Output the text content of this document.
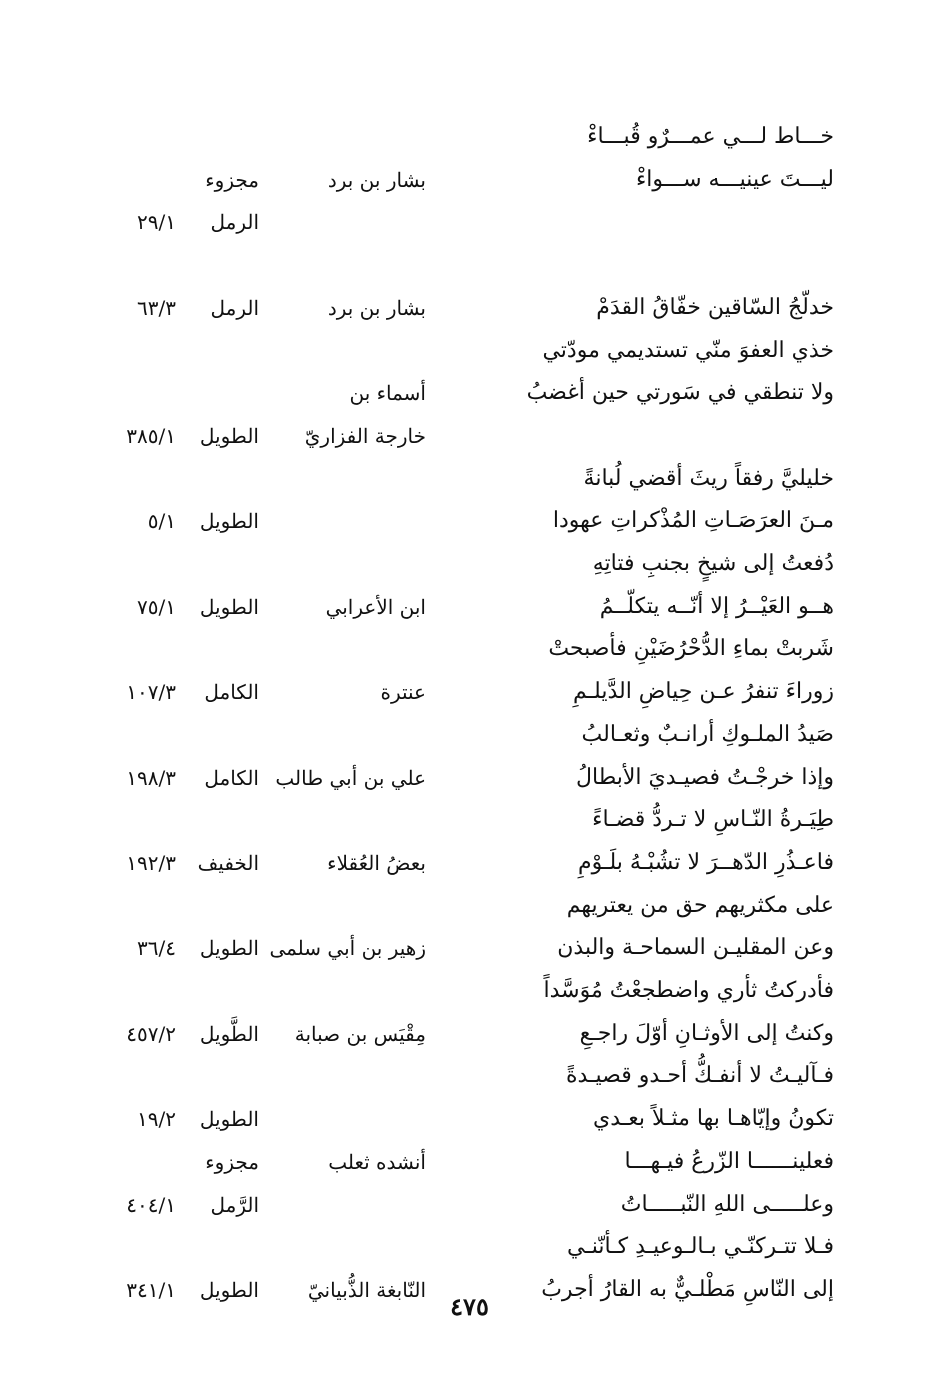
خـــاط لـــي عمـــرٌو قُبـــاءْ
ليـــتَ عينيـــه ســـواءْ
بشار بن برد
مجزوء
الرمل
٢٩/١
خدلّجُ السّاقين خفّاقُ القدَمْ
بشار بن برد
الرمل
٦٣/٣
خذي العفوَ منّي تستديمي مودّتي
ولا تنطقي في سَورتي حين أغضبُ
أسماء بن
خارجة الفزاريّ
الطويل
٣٨٥/١
خليليَّ رفقاً ريثَ أقضي لُبانةً
مـنَ العرَصَـاتِ المُذْكراتِ عهودا
الطويل
٥/١
دُفعتُ إلى شيخٍ بجنبِ فتاتِهِ
هــو العَيْــرُ إلا أنّــه يتكلّــمُ
ابن الأعرابي
الطويل
٧٥/١
شَربتْ بماءِ الدُّحْرُضَيْنِ فأصبحتْ
زوراءَ تنفرُ عـن حِياضِ الدَّيلـمِ
عنترة
الكامل
١٠٧/٣
صَيدُ الملـوكِ أرانـبٌ وثعـالبُ
وإذا خرجْـتُ فصيـديَ الأبطالُ
علي بن أبي طالب
الكامل
١٩٨/٣
طِيَـرةُ النّـاسِ لا تـردُّ قضـاءً
فاعـذُرِ الدّهــرَ لا تشُبْـهُ بلَـوْمِ
بعضُ العُقلاء
الخفيف
١٩٢/٣
على مكثريهم حق من يعتريهم
وعن المقليـن السماحـة والبذن
زهير بن أبي سلمى
الطويل
٣٦/٤
فأدركتُ ثأري واضطجعْتُ مُوَسَّداً
وكنتُ إلى الأوثـانِ أوّلَ راجـعِ
مِقْيَس بن صبابة
الطَّويل
٤٥٧/٢
فـآليـتُ لا أنفـكُّ أحـدو قصيـدةً
تكونُ وإيّاهـا بها مثـلاً بعـدي
الطويل
١٩/٢
فعلينــــــا الزّرعُ فيـهـــا
أنشده ثعلب
مجزوء
وعلـــــى اللهِ النّبـــــاتُ
الرَّمل
٤٠٤/١
فـلا تتـركنّـي بـالـوعيـدِ كـأنّنـي
إلى النّاسِ مَطْلـيٌّ به القارُ أجربُ
النّابغة الذُّبيانيّ
الطويل
٣٤١/١
٤٧٥
